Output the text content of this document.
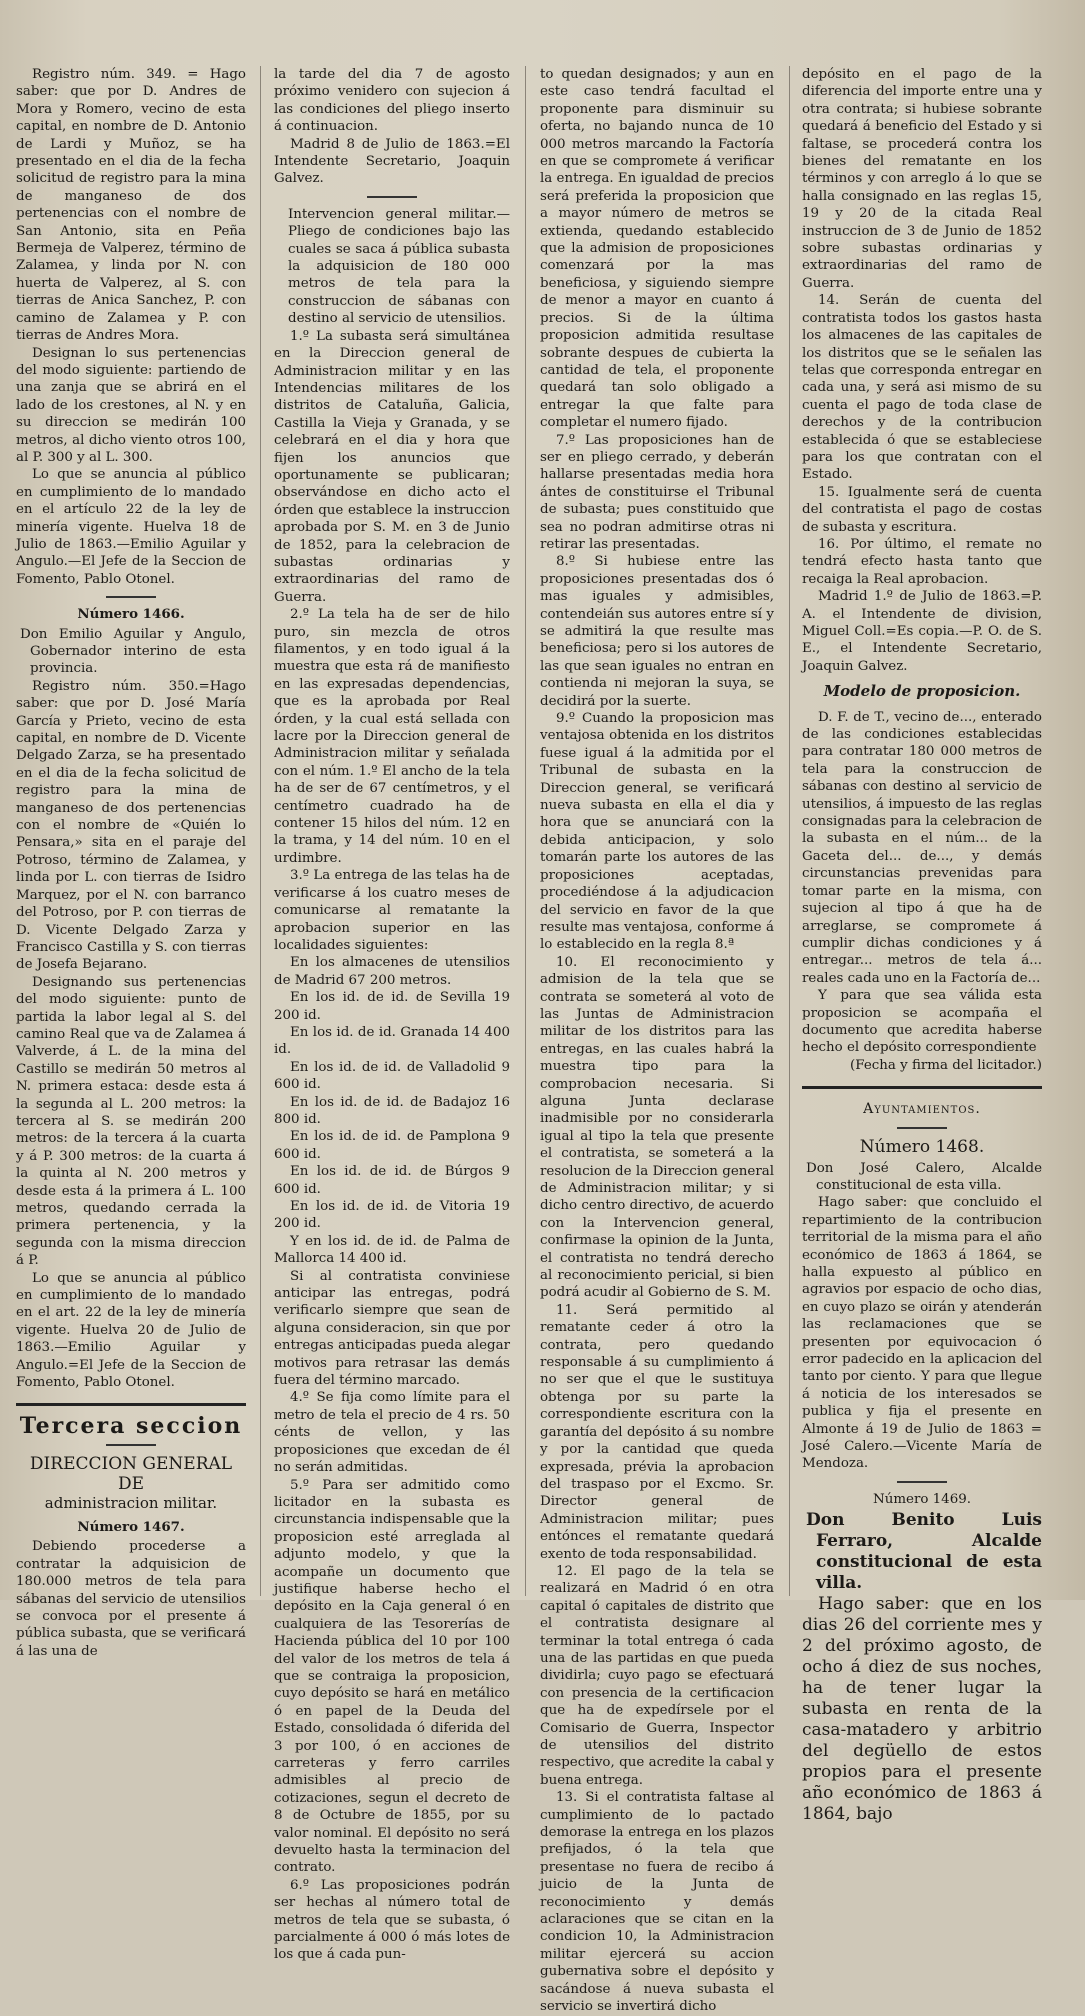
Registro núm. 349. = Hago saber: que por D. Andres de Mora y Romero, vecino de esta capital, en nombre de D. Antonio de Lardi y Muñoz, se ha presentado en el dia de la fecha solicitud de registro para la mina de manganeso de dos pertenencias con el nombre de San Antonio, sita en Peña Bermeja de Valperez, término de Zalamea, y linda por N. con huerta de Valperez, al S. con tierras de Anica Sanchez, P. con camino de Zalamea y P. con tierras de Andres Mora.

Designan lo sus pertenencias del modo siguiente: partiendo de una zanja que se abrirá en el lado de los crestones, al N. y en su direccion se medirán 100 metros, al dicho viento otros 100, al P. 300 y al L. 300.

Lo que se anuncia al público en cumplimiento de lo mandado en el artículo 22 de la ley de minería vigente. Huelva 18 de Julio de 1863.—Emilio Aguilar y Angulo.—El Jefe de la Seccion de Fomento, Pablo Otonel.

Número 1466.

Don Emilio Aguilar y Angulo, Gobernador interino de esta provincia.

Registro núm. 350.=Hago saber: que por D. José María García y Prieto, vecino de esta capital, en nombre de D. Vicente Delgado Zarza, se ha presentado en el dia de la fecha solicitud de registro para la mina de manganeso de dos pertenencias con el nombre de «Quién lo Pensara,» sita en el paraje del Potroso, término de Zalamea, y linda por L. con tierras de Isidro Marquez, por el N. con barranco del Potroso, por P. con tierras de D. Vicente Delgado Zarza y Francisco Castilla y S. con tierras de Josefa Bejarano.

Designando sus pertenencias del modo siguiente: punto de partida la labor legal al S. del camino Real que va de Zalamea á Valverde, á L. de la mina del Castillo se medirán 50 metros al N. primera estaca: desde esta á la segunda al L. 200 metros: la tercera al S. se medirán 200 metros: de la tercera á la cuarta y á P. 300 metros: de la cuarta á la quinta al N. 200 metros y desde esta á la primera á L. 100 metros, quedando cerrada la primera pertenencia, y la segunda con la misma direccion á P.

Lo que se anuncia al público en cumplimiento de lo mandado en el art. 22 de la ley de minería vigente. Huelva 20 de Julio de 1863.—Emilio Aguilar y Angulo.=El Jefe de la Seccion de Fomento, Pablo Otonel.

Tercera seccion

DIRECCION GENERAL DE

administracion militar.

Número 1467.

Debiendo procederse a contratar la adquisicion de 180.000 metros de tela para sábanas del servicio de utensilios se convoca por el presente á pública subasta, que se verificará á las una de

la tarde del dia 7 de agosto próximo venidero con sujecion á las condiciones del pliego inserto á continuacion.

Madrid 8 de Julio de 1863.=El Intendente Secretario, Joaquin Galvez.

Intervencion general militar.—Pliego de condiciones bajo las cuales se saca á pública subasta la adquisicion de 180 000 metros de tela para la construccion de sábanas con destino al servicio de utensilios.

1.º La subasta será simultánea en la Direccion general de Administracion militar y en las Intendencias militares de los distritos de Cataluña, Galicia, Castilla la Vieja y Granada, y se celebrará en el dia y hora que fijen los anuncios que oportunamente se publicaran; observándose en dicho acto el órden que establece la instruccion aprobada por S. M. en 3 de Junio de 1852, para la celebracion de subastas ordinarias y extraordinarias del ramo de Guerra.

2.º La tela ha de ser de hilo puro, sin mezcla de otros filamentos, y en todo igual á la muestra que esta rá de manifiesto en las expresadas dependencias, que es la aprobada por Real órden, y la cual está sellada con lacre por la Direccion general de Administracion militar y señalada con el núm. 1.º El ancho de la tela ha de ser de 67 centímetros, y el centímetro cuadrado ha de contener 15 hilos del núm. 12 en la trama, y 14 del núm. 10 en el urdimbre.

3.º La entrega de las telas ha de verificarse á los cuatro meses de comunicarse al rematante la aprobacion superior en las localidades siguientes:

En los almacenes de utensilios de Madrid 67 200 metros.

En los id. de id. de Sevilla 19 200 id.

En los id. de id. Granada 14 400 id.

En los id. de id. de Valladolid 9 600 id.

En los id. de id. de Badajoz 16 800 id.

En los id. de id. de Pamplona 9 600 id.

En los id. de id. de Búrgos 9 600 id.

En los id. de id. de Vitoria 19 200 id.

Y en los id. de id. de Palma de Mallorca 14 400 id.

Si al contratista conviniese anticipar las entregas, podrá verificarlo siempre que sean de alguna consideracion, sin que por entregas anticipadas pueda alegar motivos para retrasar las demás fuera del término marcado.

4.º Se fija como límite para el metro de tela el precio de 4 rs. 50 cénts de vellon, y las proposiciones que excedan de él no serán admitidas.

5.º Para ser admitido como licitador en la subasta es circunstancia indispensable que la proposicion esté arreglada al adjunto modelo, y que la acompañe un documento que justifique haberse hecho el depósito en la Caja general ó en cualquiera de las Tesorerías de Hacienda pública del 10 por 100 del valor de los metros de tela á que se contraiga la proposicion, cuyo depósito se hará en metálico ó en papel de la Deuda del Estado, consolidada ó diferida del 3 por 100, ó en acciones de carreteras y ferro carriles admisibles al precio de cotizaciones, segun el decreto de 8 de Octubre de 1855, por su valor nominal. El depósito no será devuelto hasta la terminacion del contrato.

6.º Las proposiciones podrán ser hechas al número total de metros de tela que se subasta, ó parcialmente á 000 ó más lotes de los que á cada pun-

to quedan designados; y aun en este caso tendrá facultad el proponente para disminuir su oferta, no bajando nunca de 10 000 metros marcando la Factoría en que se compromete á verificar la entrega. En igualdad de precios será preferida la proposicion que a mayor número de metros se extienda, quedando establecido que la admision de proposiciones comenzará por la mas beneficiosa, y siguiendo siempre de menor a mayor en cuanto á precios. Si de la última proposicion admitida resultase sobrante despues de cubierta la cantidad de tela, el proponente quedará tan solo obligado a entregar la que falte para completar el numero fijado.

7.º Las proposiciones han de ser en pliego cerrado, y deberán hallarse presentadas media hora ántes de constituirse el Tribunal de subasta; pues constituido que sea no podran admitirse otras ni retirar las presentadas.

8.º Si hubiese entre las proposiciones presentadas dos ó mas iguales y admisibles, contendeián sus autores entre sí y se admitirá la que resulte mas beneficiosa; pero si los autores de las que sean iguales no entran en contienda ni mejoran la suya, se decidirá por la suerte.

9.º Cuando la proposicion mas ventajosa obtenida en los distritos fuese igual á la admitida por el Tribunal de subasta en la Direccion general, se verificará nueva subasta en ella el dia y hora que se anunciará con la debida anticipacion, y solo tomarán parte los autores de las proposiciones aceptadas, procediéndose á la adjudicacion del servicio en favor de la que resulte mas ventajosa, conforme á lo establecido en la regla 8.ª

10. El reconocimiento y admision de la tela que se contrata se someterá al voto de las Juntas de Administracion militar de los distritos para las entregas, en las cuales habrá la muestra tipo para la comprobacion necesaria. Si alguna Junta declarase inadmisible por no considerarla igual al tipo la tela que presente el contratista, se someterá a la resolucion de la Direccion general de Administracion militar; y si dicho centro directivo, de acuerdo con la Intervencion general, confirmase la opinion de la Junta, el contratista no tendrá derecho al reconocimiento pericial, si bien podrá acudir al Gobierno de S. M.

11. Será permitido al rematante ceder á otro la contrata, pero quedando responsable á su cumplimiento á no ser que el que le sustituya obtenga por su parte la correspondiente escritura con la garantía del depósito á su nombre y por la cantidad que queda expresada, prévia la aprobacion del traspaso por el Excmo. Sr. Director general de Administracion militar; pues entónces el rematante quedará exento de toda responsabilidad.

12. El pago de la tela se realizará en Madrid ó en otra capital ó capitales de distrito que el contratista designare al terminar la total entrega ó cada una de las partidas en que pueda dividirla; cuyo pago se efectuará con presencia de la certificacion que ha de expedírsele por el Comisario de Guerra, Inspector de utensilios del distrito respectivo, que acredite la cabal y buena entrega.

13. Si el contratista faltase al cumplimiento de lo pactado demorase la entrega en los plazos prefijados, ó la tela que presentase no fuera de recibo á juicio de la Junta de reconocimiento y demás aclaraciones que se citan en la condicion 10, la Administracion militar ejercerá su accion gubernativa sobre el depósito y sacándose á nueva subasta el servicio se invertirá dicho

depósito en el pago de la diferencia del importe entre una y otra contrata; si hubiese sobrante quedará á beneficio del Estado y si faltase, se procederá contra los bienes del rematante en los términos y con arreglo á lo que se halla consignado en las reglas 15, 19 y 20 de la citada Real instruccion de 3 de Junio de 1852 sobre subastas ordinarias y extraordinarias del ramo de Guerra.

14. Serán de cuenta del contratista todos los gastos hasta los almacenes de las capitales de los distritos que se le señalen las telas que corresponda entregar en cada una, y será asi mismo de su cuenta el pago de toda clase de derechos y de la contribucion establecida ó que se estableciese para los que contratan con el Estado.

15. Igualmente será de cuenta del contratista el pago de costas de subasta y escritura.

16. Por último, el remate no tendrá efecto hasta tanto que recaiga la Real aprobacion.

Madrid 1.º de Julio de 1863.=P. A. el Intendente de division, Miguel Coll.=Es copia.—P. O. de S. E., el Intendente Secretario, Joaquin Galvez.

Modelo de proposicion.

D. F. de T., vecino de..., enterado de las condiciones establecidas para contratar 180 000 metros de tela para la construccion de sábanas con destino al servicio de utensilios, á impuesto de las reglas consignadas para la celebracion de la subasta en el núm... de la Gaceta del... de..., y demás circunstancias prevenidas para tomar parte en la misma, con sujecion al tipo á que ha de arreglarse, se compromete á cumplir dichas condiciones y á entregar... metros de tela á... reales cada uno en la Factoría de...

Y para que sea válida esta proposicion se acompaña el documento que acredita haberse hecho el depósito correspondiente

(Fecha y firma del licitador.)

Ayuntamientos.

Número 1468.

Don José Calero, Alcalde constitucional de esta villa.

Hago saber: que concluido el repartimiento de la contribucion territorial de la misma para el año económico de 1863 á 1864, se halla expuesto al público en agravios por espacio de ocho dias, en cuyo plazo se oirán y atenderán las reclamaciones que se presenten por equivocacion ó error padecido en la aplicacion del tanto por ciento. Y para que llegue á noticia de los interesados se publica y fija el presente en Almonte á 19 de Julio de 1863 = José Calero.—Vicente María de Mendoza.

Número 1469.

Don Benito Luis Ferraro, Alcalde constitucional de esta villa.

Hago saber: que en los dias 26 del corriente mes y 2 del próximo agosto, de ocho á diez de sus noches, ha de tener lugar la subasta en renta de la casa-matadero y arbitrio del degüello de estos propios para el presente año económico de 1863 á 1864, bajo
